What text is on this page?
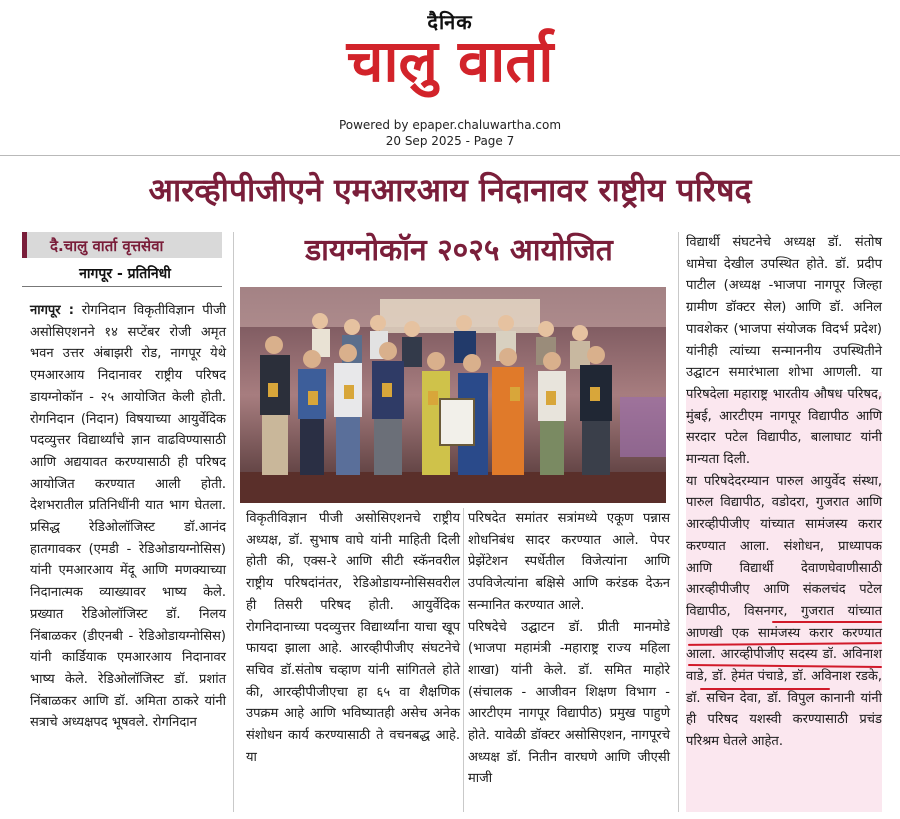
दैनिक
चालु वार्ता
Powered by epaper.chaluwartha.com
20 Sep 2025 - Page 7
आरव्हीपीजीएने एमआरआय निदानावर राष्ट्रीय परिषद
डायग्नोकॉन २०२५ आयोजित
दै.चालु वार्ता वृत्तसेवा
नागपूर - प्रतिनिधी
नागपूर : रोगनिदान विकृतीविज्ञान पीजी असोसिएशनने १४ सप्टेंबर रोजी अमृत भवन उत्तर अंबाझरी रोड, नागपूर येथे एमआरआय निदानावर राष्ट्रीय परिषद डायग्नोकॉन - २५ आयोजित केली होती. रोगनिदान (निदान) विषयाच्या आयुर्वेदिक पदव्युत्तर विद्यार्थ्यांचे ज्ञान वाढविण्यासाठी आणि अद्ययावत करण्यासाठी ही परिषद आयोजित करण्यात आली होती. देशभरातील प्रतिनिधींनी यात भाग घेतला. प्रसिद्ध रेडिओलॉजिस्ट डॉ.आनंद हातगावकर (एमडी - रेडिओडायग्नोसिस) यांनी एमआरआय मेंदू आणि मणक्याच्या निदानात्मक व्याख्यावर भाष्य केले. प्रख्यात रेडिओलॉजिस्ट डॉ. निलय निंबाळकर (डीएनबी - रेडिओडायग्नोसिस) यांनी कार्डियाक एमआरआय निदानावर भाष्य केले. रेडिओलॉजिस्ट डॉ. प्रशांत निंबाळकर आणि डॉ. अमिता ठाकरे यांनी सत्राचे अध्यक्षपद भूषवले. रोगनिदान
विकृतीविज्ञान पीजी असोसिएशनचे राष्ट्रीय अध्यक्ष, डॉ. सुभाष वाघे यांनी माहिती दिली होती की, एक्स-रे आणि सीटी स्कॅनवरील राष्ट्रीय परिषदांनंतर, रेडिओडायग्नोसिसवरील ही तिसरी परिषद होती. आयुर्वेदिक रोगनिदानाच्या पदव्युत्तर विद्यार्थ्यांना याचा खूप फायदा झाला आहे. आरव्हीपीजीए संघटनेचे सचिव डॉ.संतोष चव्हाण यांनी सांगितले होते की, आरव्हीपीजीएचा हा ६५ वा शैक्षणिक उपक्रम आहे आणि भविष्यातही असेच अनेक संशोधन कार्य करण्यासाठी ते वचनबद्ध आहे. या
परिषदेत समांतर सत्रांमध्ये एकूण पन्नास शोधनिबंध सादर करण्यात आले. पेपर प्रेझेंटेशन स्पर्धेतील विजेत्यांना आणि उपविजेत्यांना बक्षिसे आणि करंडक देऊन सन्मानित करण्यात आले.
परिषदेचे उद्घाटन डॉ. प्रीती मानमोडे (भाजपा महामंत्री -महाराष्ट्र राज्य महिला शाखा) यांनी केले. डॉ. समित माहोरे (संचालक - आजीवन शिक्षण विभाग - आरटीएम नागपूर विद्यापीठ) प्रमुख पाहुणे होते. यावेळी डॉक्टर असोसिएशन, नागपूरचे अध्यक्ष डॉ. नितीन वारघणे आणि जीएसी माजी
विद्यार्थी संघटनेचे अध्यक्ष डॉ. संतोष धामेचा देखील उपस्थित होते. डॉ. प्रदीप पाटील (अध्यक्ष -भाजपा नागपूर जिल्हा ग्रामीण डॉक्टर सेल) आणि डॉ. अनिल पावशेकर (भाजपा संयोजक विदर्भ प्रदेश) यांनीही त्यांच्या सन्माननीय उपस्थितीने उद्घाटन समारंभाला शोभा आणली. या परिषदेला महाराष्ट्र भारतीय औषध परिषद, मुंबई, आरटीएम नागपूर विद्यापीठ आणि सरदार पटेल विद्यापीठ, बालाघाट यांनी मान्यता दिली.
या परिषदेदरम्यान पारुल आयुर्वेद संस्था, पारुल विद्यापीठ, वडोदरा, गुजरात आणि आरव्हीपीजीए यांच्यात सामंजस्य करार करण्यात आला. संशोधन, प्राध्यापक आणि विद्यार्थी देवाणघेवाणीसाठी आरव्हीपीजीए आणि संकलचंद पटेल विद्यापीठ, विसनगर, गुजरात यांच्यात आणखी एक सामंजस्य करार करण्यात आला. आरव्हीपीजीए सदस्य डॉ. अविनाश वाडे, डॉ. हेमंत पंचाडे, डॉ. अविनाश रडके, डॉ. सचिन देवा, डॉ. विपुल कानानी यांनी ही परिषद यशस्वी करण्यासाठी प्रचंड परिश्रम घेतले आहेत.
